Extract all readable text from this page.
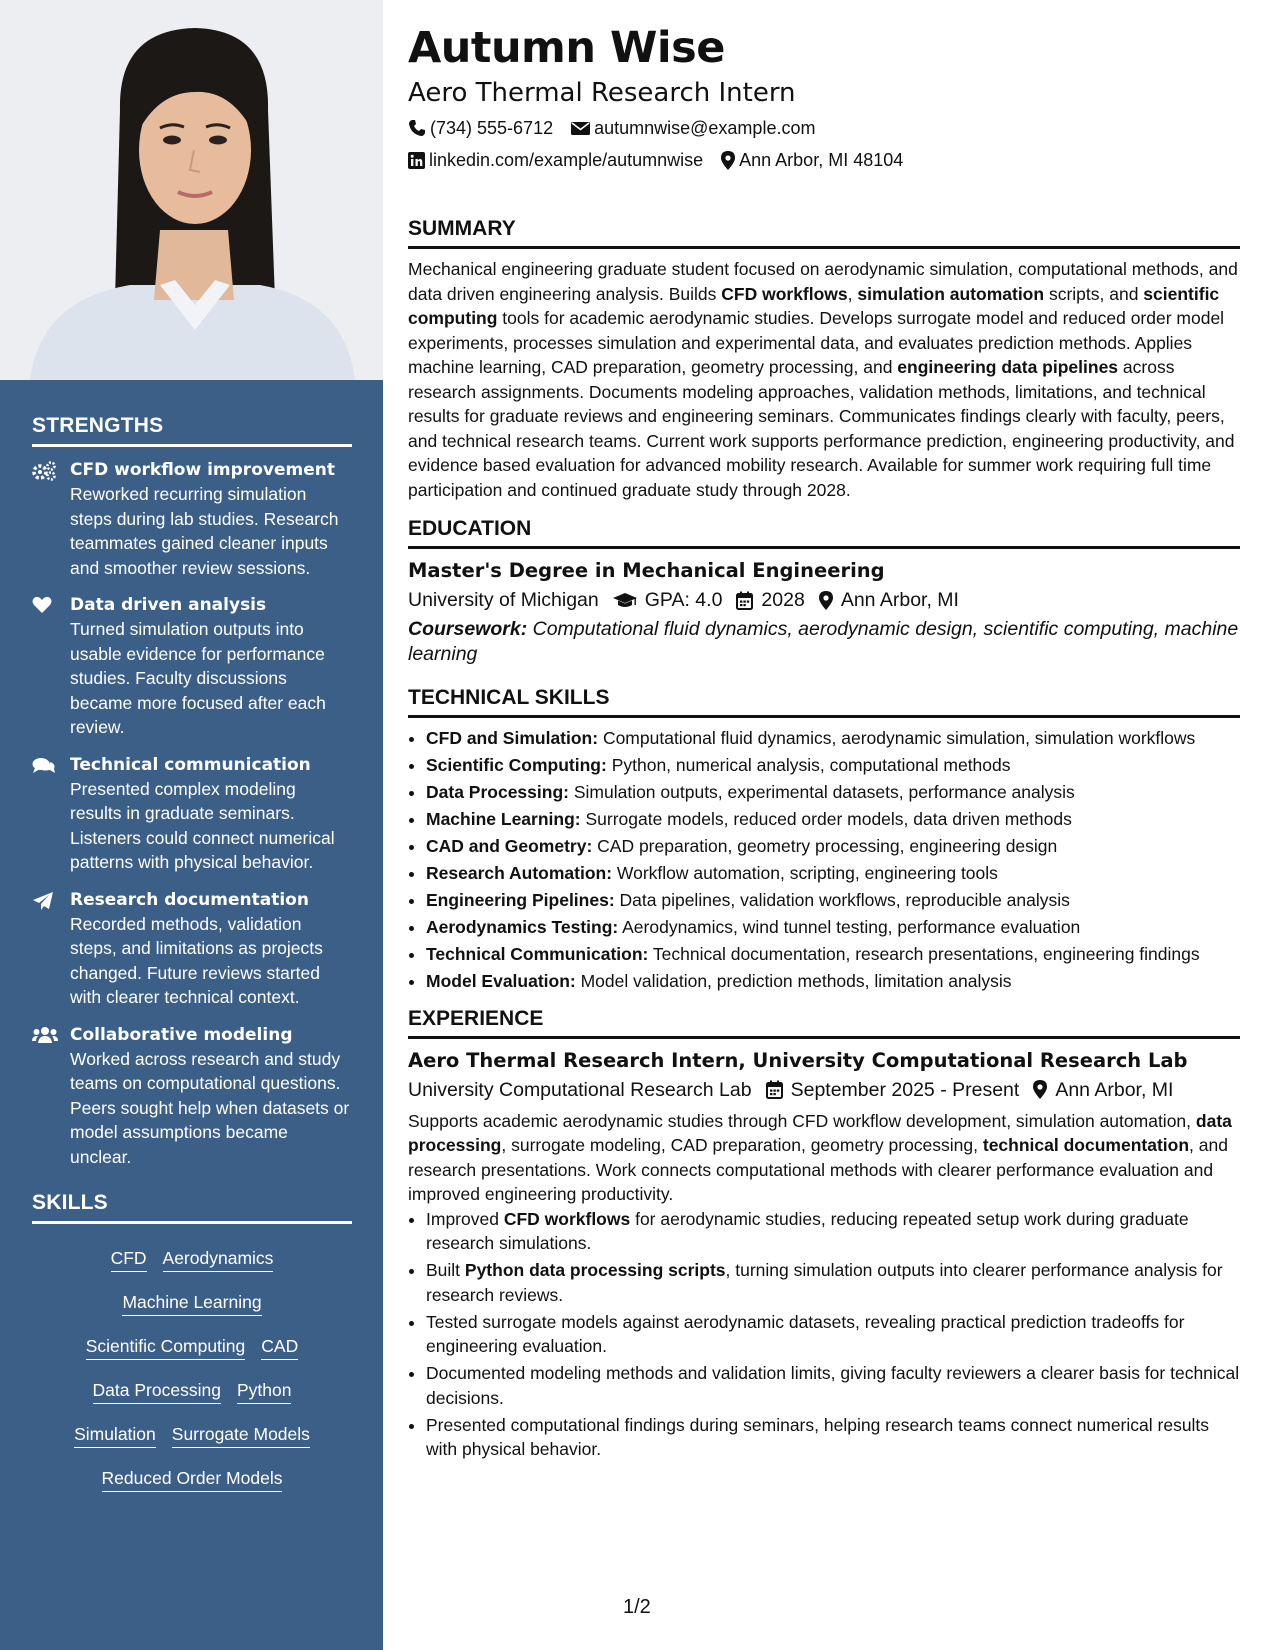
STRENGTHS
CFD workflow improvement
Reworked recurring simulation steps during lab studies. Research teammates gained cleaner inputs and smoother review sessions.
Data driven analysis
Turned simulation outputs into usable evidence for performance studies. Faculty discussions became more focused after each review.
Technical communication
Presented complex modeling results in graduate seminars. Listeners could connect numerical patterns with physical behavior.
Research documentation
Recorded methods, validation steps, and limitations as projects changed. Future reviews started with clearer technical context.
Collaborative modeling
Worked across research and study teams on computational questions. Peers sought help when datasets or model assumptions became unclear.
SKILLS
CFD Aerodynamics
Machine Learning
Scientific Computing CAD
Data Processing Python
Simulation Surrogate Models
Reduced Order Models
Autumn Wise
Aero Thermal Research Intern
(734) 555-6712 autumnwise@example.com
linkedin.com/example/autumnwise Ann Arbor, MI 48104
SUMMARY
Mechanical engineering graduate student focused on aerodynamic simulation, computational methods, and data driven engineering analysis. Builds CFD workflows, simulation automation scripts, and scientific computing tools for academic aerodynamic studies. Develops surrogate model and reduced order model experiments, processes simulation and experimental data, and evaluates prediction methods. Applies machine learning, CAD preparation, geometry processing, and engineering data pipelines across research assignments. Documents modeling approaches, validation methods, limitations, and technical results for graduate reviews and engineering seminars. Communicates findings clearly with faculty, peers, and technical research teams. Current work supports performance prediction, engineering productivity, and evidence based evaluation for advanced mobility research. Available for summer work requiring full time participation and continued graduate study through 2028.
EDUCATION
Master's Degree in Mechanical Engineering
University of Michigan GPA: 4.0 2028 Ann Arbor, MI
Coursework: Computational fluid dynamics, aerodynamic design, scientific computing, machine learning
TECHNICAL SKILLS
• CFD and Simulation: Computational fluid dynamics, aerodynamic simulation, simulation workflows
• Scientific Computing: Python, numerical analysis, computational methods
• Data Processing: Simulation outputs, experimental datasets, performance analysis
• Machine Learning: Surrogate models, reduced order models, data driven methods
• CAD and Geometry: CAD preparation, geometry processing, engineering design
• Research Automation: Workflow automation, scripting, engineering tools
• Engineering Pipelines: Data pipelines, validation workflows, reproducible analysis
• Aerodynamics Testing: Aerodynamics, wind tunnel testing, performance evaluation
• Technical Communication: Technical documentation, research presentations, engineering findings
• Model Evaluation: Model validation, prediction methods, limitation analysis
EXPERIENCE
Aero Thermal Research Intern, University Computational Research Lab
University Computational Research Lab September 2025 - Present Ann Arbor, MI
Supports academic aerodynamic studies through CFD workflow development, simulation automation, data processing, surrogate modeling, CAD preparation, geometry processing, technical documentation, and research presentations. Work connects computational methods with clearer performance evaluation and improved engineering productivity.
• Improved CFD workflows for aerodynamic studies, reducing repeated setup work during graduate research simulations.
• Built Python data processing scripts, turning simulation outputs into clearer performance analysis for research reviews.
• Tested surrogate models against aerodynamic datasets, revealing practical prediction tradeoffs for engineering evaluation.
• Documented modeling methods and validation limits, giving faculty reviewers a clearer basis for technical decisions.
• Presented computational findings during seminars, helping research teams connect numerical results with physical behavior.
1/2
